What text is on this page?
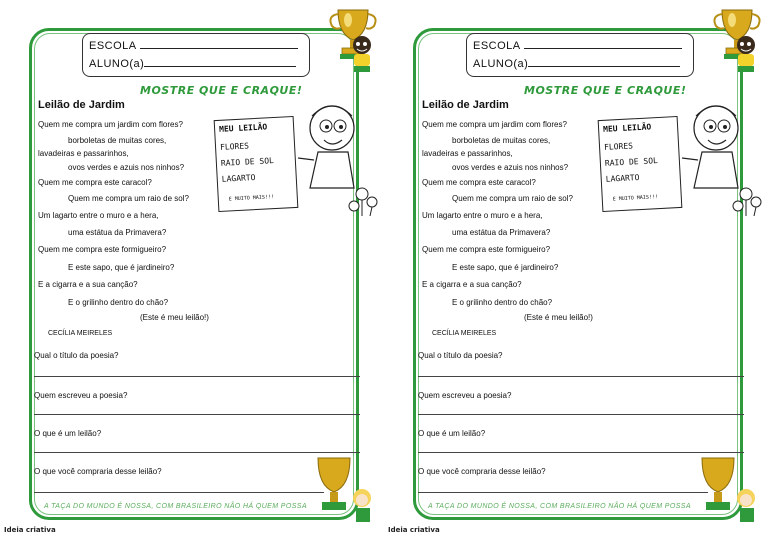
ESCOLA
ALUNO(a)
MOSTRE QUE E CRAQUE!
Leilão de Jardim
Quem me compra um jardim com flores?
borboletas de muitas cores,
lavadeiras e passarinhos,
ovos verdes e azuis nos ninhos?
Quem me compra este caracol?
Quem me compra um raio de sol?
Um lagarto entre o muro e a hera,
uma estátua da Primavera?
Quem me compra este formigueiro?
E este sapo, que é jardineiro?
E a cigarra e a sua canção?
E o grilinho dentro do chão?
(Este é meu leilão!)
CECÍLIA MEIRELES
MEU LEILÃO
FLORES
RAIO DE SOL
LAGARTO
E MUITO MAIS!!!
Qual o título da poesia?
Quem escreveu a poesia?
O que é um leilão?
O que você compraria desse leilão?
A TAÇA DO MUNDO É NOSSA, COM BRASILEIRO NÃO HÁ QUEM POSSA
Ideia criativa
ESCOLA
ALUNO(a)
MOSTRE QUE E CRAQUE!
Leilão de Jardim
Quem me compra um jardim com flores?
borboletas de muitas cores,
lavadeiras e passarinhos,
ovos verdes e azuis nos ninhos?
Quem me compra este caracol?
Quem me compra um raio de sol?
Um lagarto entre o muro e a hera,
uma estátua da Primavera?
Quem me compra este formigueiro?
E este sapo, que é jardineiro?
E a cigarra e a sua canção?
E o grilinho dentro do chão?
(Este é meu leilão!)
CECÍLIA MEIRELES
MEU LEILÃO
FLORES
RAIO DE SOL
LAGARTO
E MUITO MAIS!!!
Qual o título da poesia?
Quem escreveu a poesia?
O que é um leilão?
O que você compraria desse leilão?
A TAÇA DO MUNDO É NOSSA, COM BRASILEIRO NÃO HÁ QUEM POSSA
Ideia criativa
